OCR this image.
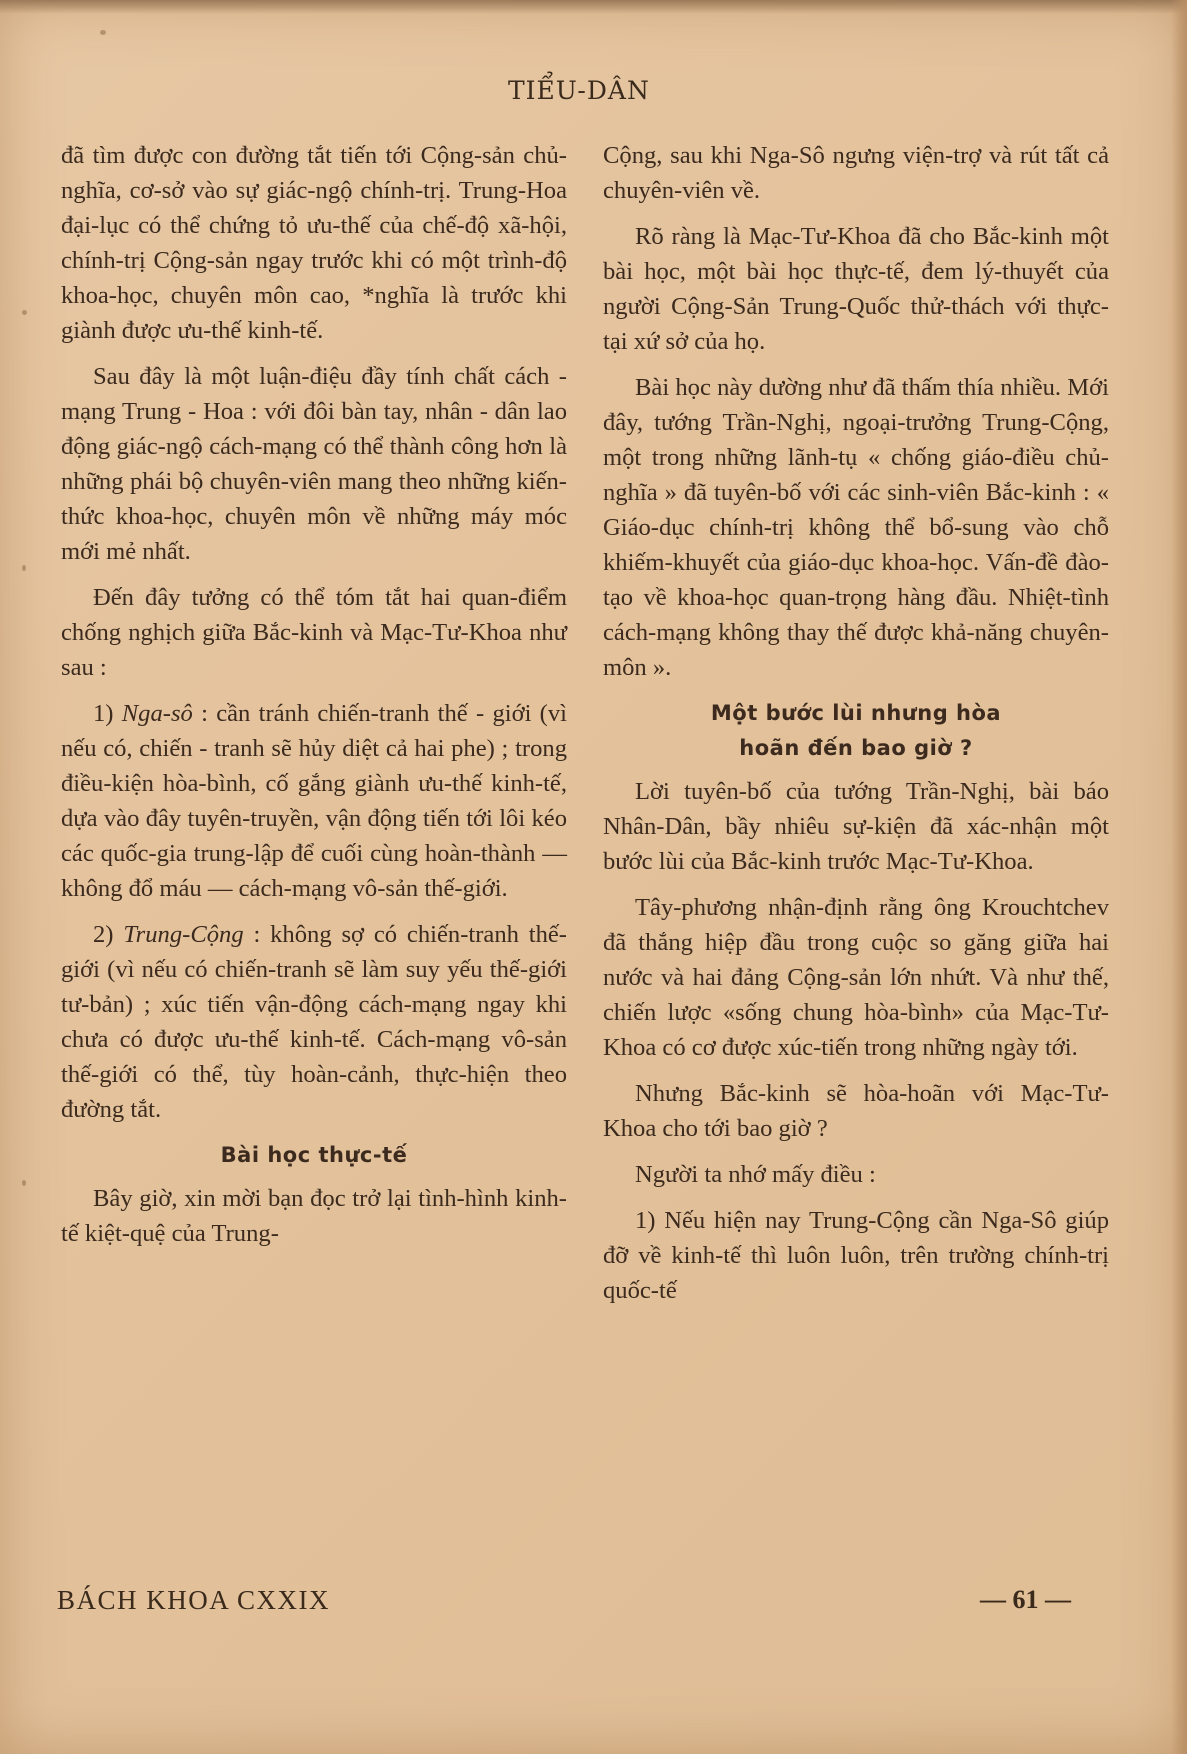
TIỂU-DÂN

đã tìm được con đường tắt tiến tới Cộng-sản chủ-nghĩa, cơ-sở vào sự giác-ngộ chính-trị. Trung-Hoa đại-lục có thể chứng tỏ ưu-thế của chế-độ xã-hội, chính-trị Cộng-sản ngay trước khi có một trình-độ khoa-học, chuyên môn cao, *nghĩa là trước khi giành được ưu-thế kinh-tế.

Sau đây là một luận-điệu đầy tính chất cách - mạng Trung - Hoa : với đôi bàn tay, nhân - dân lao động giác-ngộ cách-mạng có thể thành công hơn là những phái bộ chuyên-viên mang theo những kiến-thức khoa-học, chuyên môn về những máy móc mới mẻ nhất.

Đến đây tưởng có thể tóm tắt hai quan-điểm chống nghịch giữa Bắc-kinh và Mạc-Tư-Khoa như sau :

1) Nga-sô : cần tránh chiến-tranh thế - giới (vì nếu có, chiến - tranh sẽ hủy diệt cả hai phe) ; trong điều-kiện hòa-bình, cố gắng giành ưu-thế kinh-tế, dựa vào đây tuyên-truyền, vận động tiến tới lôi kéo các quốc-gia trung-lập để cuối cùng hoàn-thành — không đổ máu — cách-mạng vô-sản thế-giới.

2) Trung-Cộng : không sợ có chiến-tranh thế-giới (vì nếu có chiến-tranh sẽ làm suy yếu thế-giới tư-bản) ; xúc tiến vận-động cách-mạng ngay khi chưa có được ưu-thế kinh-tế. Cách-mạng vô-sản thế-giới có thể, tùy hoàn-cảnh, thực-hiện theo đường tắt.

Bài học thực-tế

Bây giờ, xin mời bạn đọc trở lại tình-hình kinh-tế kiệt-quệ của Trung-

Cộng, sau khi Nga-Sô ngưng viện-trợ và rút tất cả chuyên-viên về.

Rõ ràng là Mạc-Tư-Khoa đã cho Bắc-kinh một bài học, một bài học thực-tế, đem lý-thuyết của người Cộng-Sản Trung-Quốc thử-thách với thực-tại xứ sở của họ.

Bài học này dường như đã thấm thía nhiều. Mới đây, tướng Trần-Nghị, ngoại-trưởng Trung-Cộng, một trong những lãnh-tụ « chống giáo-điều chủ-nghĩa » đã tuyên-bố với các sinh-viên Bắc-kinh : « Giáo-dục chính-trị không thể bổ-sung vào chỗ khiếm-khuyết của giáo-dục khoa-học. Vấn-đề đào-tạo về khoa-học quan-trọng hàng đầu. Nhiệt-tình cách-mạng không thay thế được khả-năng chuyên-môn ».

Một bước lùi nhưng hòa
hoãn đến bao giờ ?

Lời tuyên-bố của tướng Trần-Nghị, bài báo Nhân-Dân, bầy nhiêu sự-kiện đã xác-nhận một bước lùi của Bắc-kinh trước Mạc-Tư-Khoa.

Tây-phương nhận-định rằng ông Krouchtchev đã thắng hiệp đầu trong cuộc so găng giữa hai nước và hai đảng Cộng-sản lớn nhứt. Và như thế, chiến lược «sống chung hòa-bình» của Mạc-Tư-Khoa có cơ được xúc-tiến trong những ngày tới.

Nhưng Bắc-kinh sẽ hòa-hoãn với Mạc-Tư-Khoa cho tới bao giờ ?

Người ta nhớ mấy điều :

1) Nếu hiện nay Trung-Cộng cần Nga-Sô giúp đỡ về kinh-tế thì luôn luôn, trên trường chính-trị quốc-tế

BÁCH KHOA CXXIX	— 61 —
